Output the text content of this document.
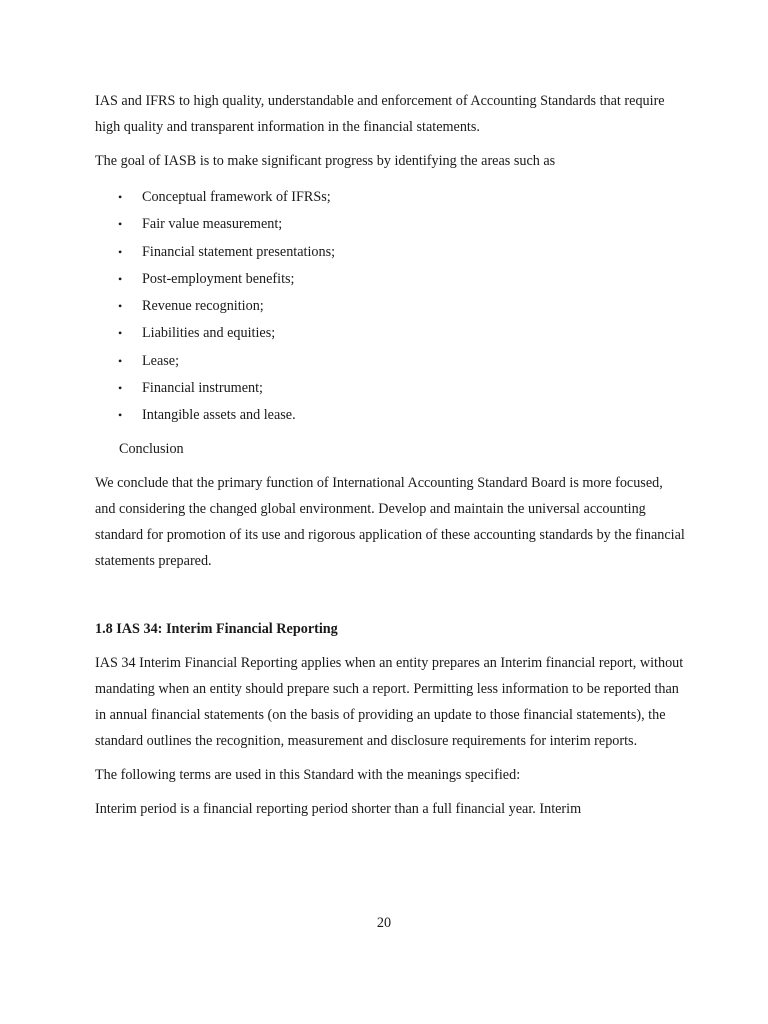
IAS and IFRS to high quality, understandable and enforcement of Accounting Standards that require high quality and transparent information in the financial statements.

The goal of IASB is to make significant progress by identifying the areas such as

• Conceptual framework of IFRSs;
• Fair value measurement;
• Financial statement presentations;
• Post-employment benefits;
• Revenue recognition;
• Liabilities and equities;
• Lease;
• Financial instrument;
• Intangible assets and lease.

Conclusion

We conclude that the primary function of International Accounting Standard Board is more focused, and considering the changed global environment. Develop and maintain the universal accounting standard for promotion of its use and rigorous application of these accounting standards by the financial statements prepared.

1.8 IAS 34: Interim Financial Reporting

IAS 34 Interim Financial Reporting applies when an entity prepares an Interim financial report, without mandating when an entity should prepare such a report. Permitting less information to be reported than in annual financial statements (on the basis of providing an update to those financial statements), the standard outlines the recognition, measurement and disclosure requirements for interim reports.

The following terms are used in this Standard with the meanings specified:

Interim period is a financial reporting period shorter than a full financial year. Interim

20
